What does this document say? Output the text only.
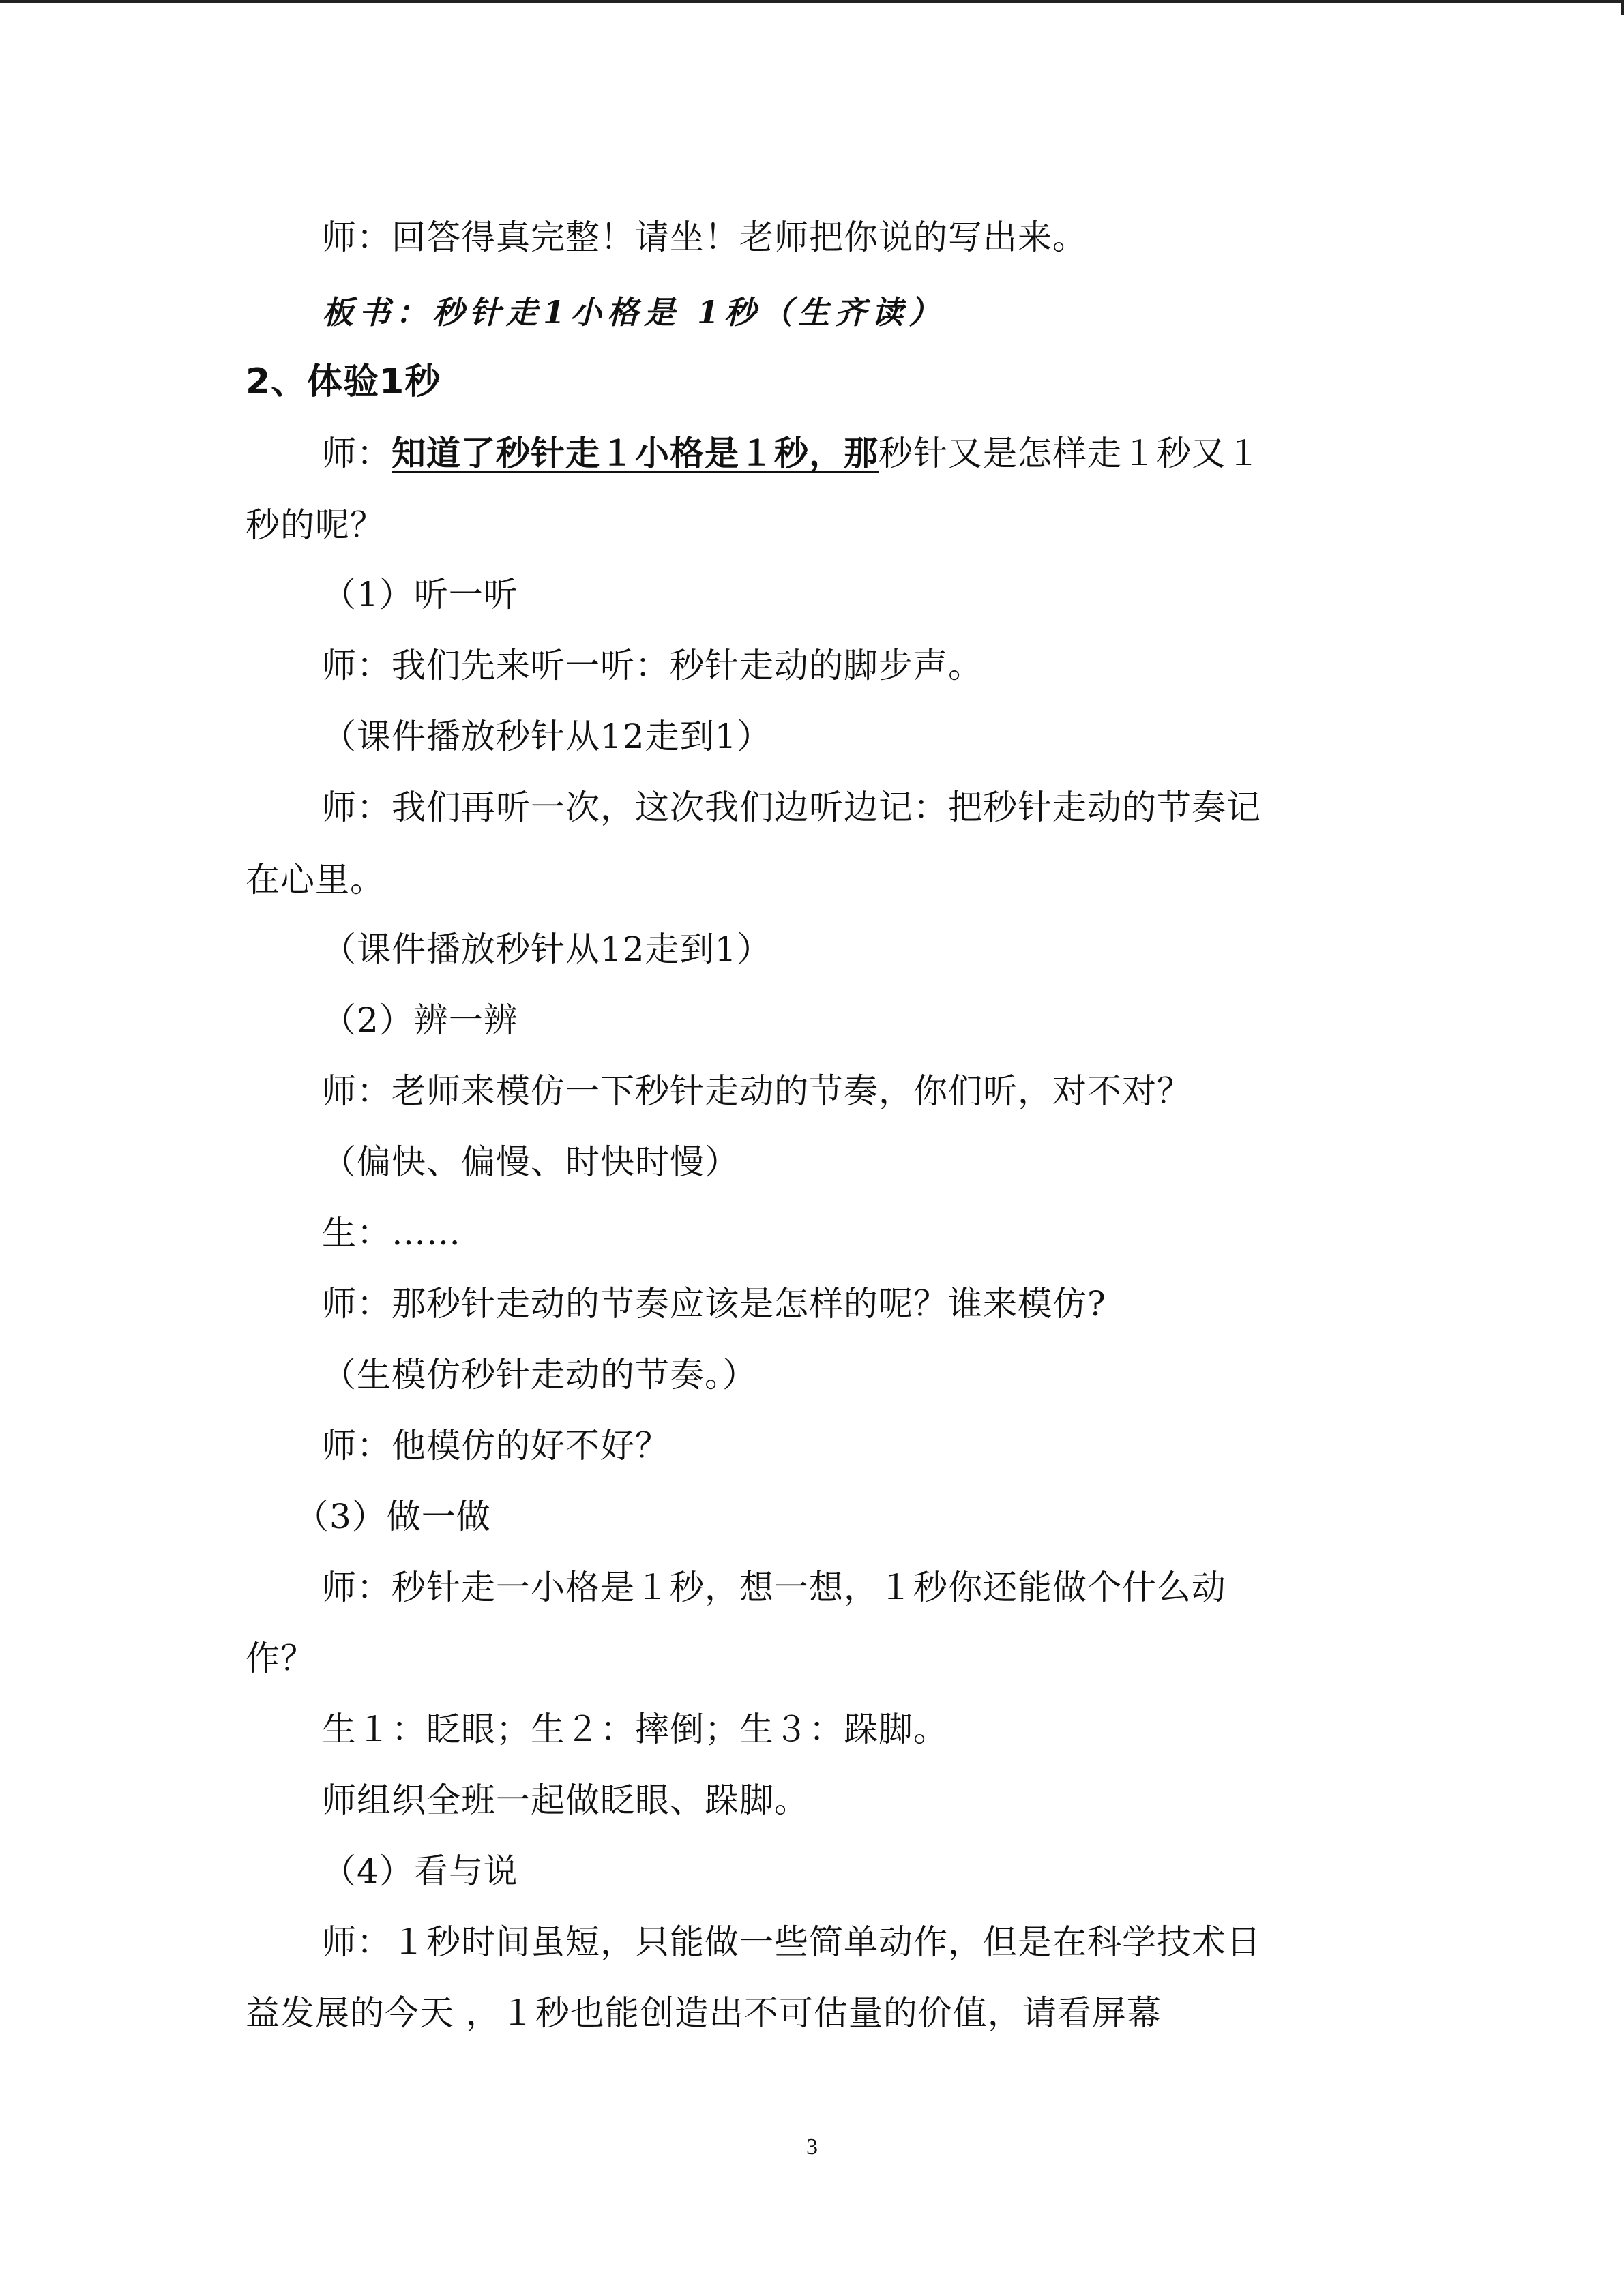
师：回答得真完整！请坐！老师把你说的写出来。
板书：秒针走1小格是 1秒（生齐读）
2、体验1秒
师：知道了秒针走１小格是１秒，那秒针又是怎样走１秒又１
秒的呢？
（1）听一听
师：我们先来听一听：秒针走动的脚步声。
（课件播放秒针从12走到1）
师：我们再听一次，这次我们边听边记：把秒针走动的节奏记
在心里。
（课件播放秒针从12走到1）
（2）辨一辨
师：老师来模仿一下秒针走动的节奏，你们听，对不对？
（偏快、偏慢、时快时慢）
生：……
师：那秒针走动的节奏应该是怎样的呢？谁来模仿?
（生模仿秒针走动的节奏。）
师：他模仿的好不好？
（3）做一做
师：秒针走一小格是１秒，想一想，１秒你还能做个什么动
作？
生１：眨眼；生２：摔倒；生３：跺脚。
师组织全班一起做眨眼、跺脚。
（4）看与说
师：１秒时间虽短，只能做一些简单动作，但是在科学技术日
益发展的今天 ，１秒也能创造出不可估量的价值，请看屏幕
3
